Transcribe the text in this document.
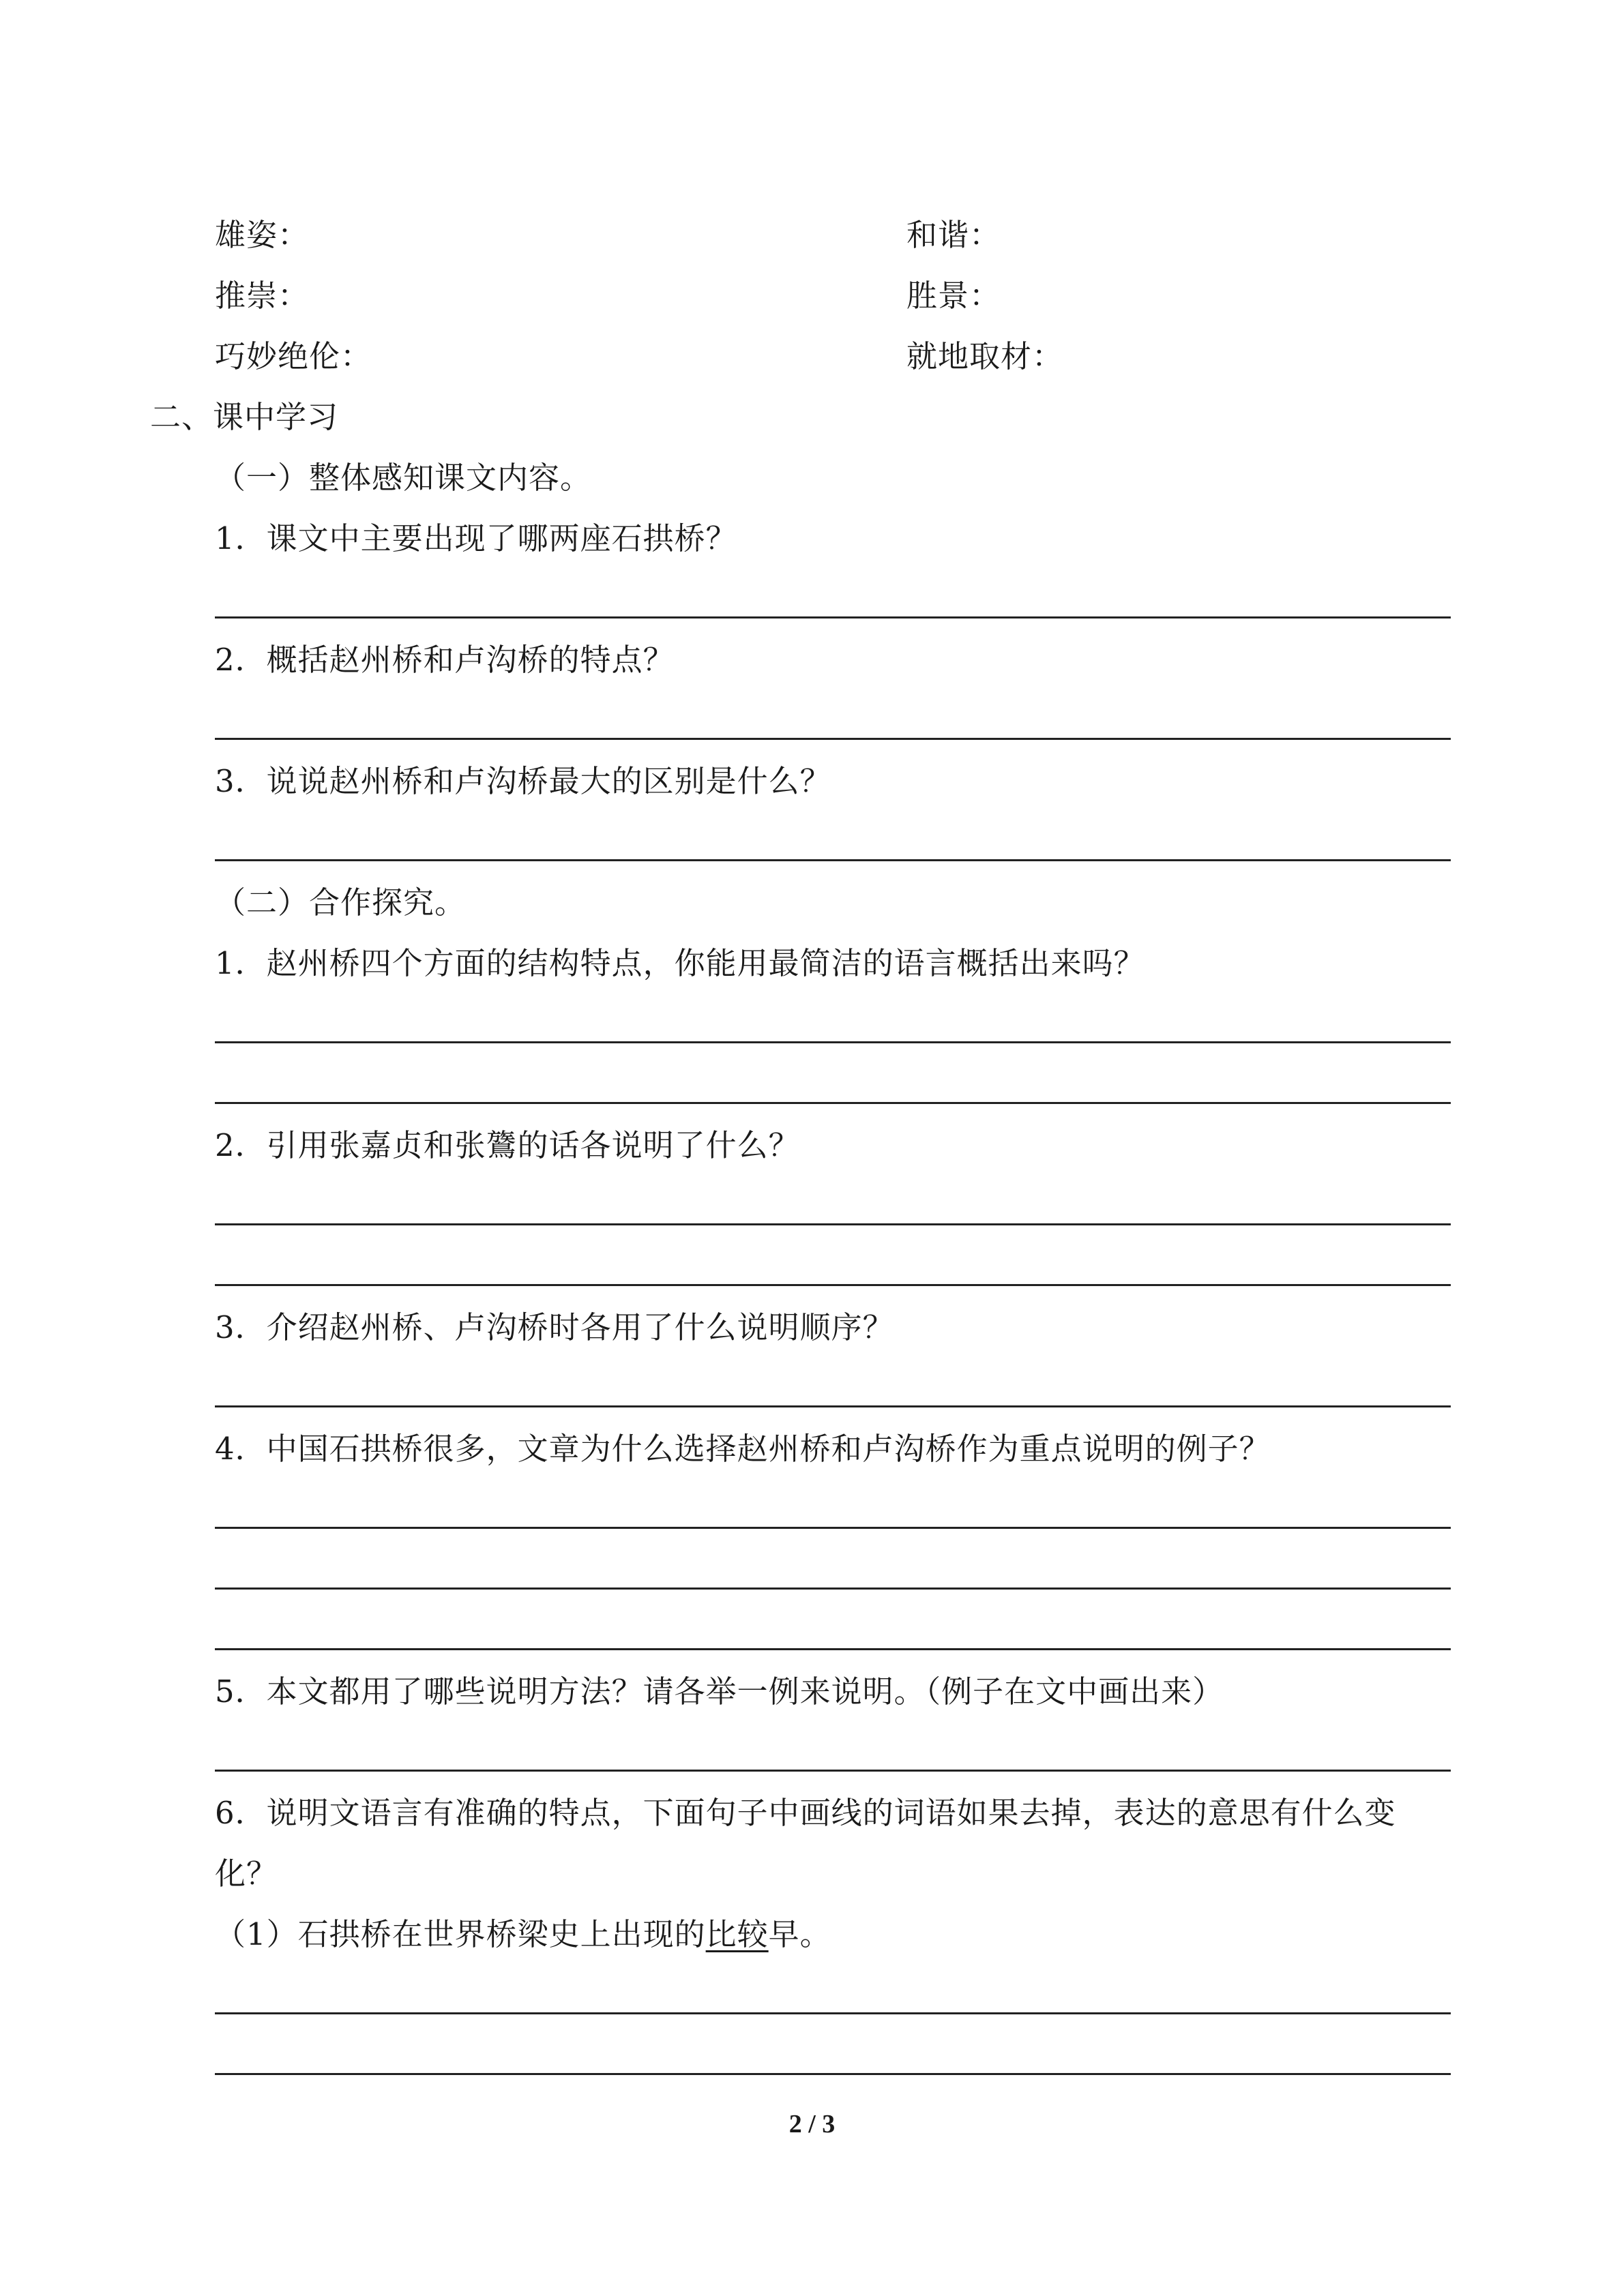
雄姿：	和谐：
推崇：	胜景：
巧妙绝伦：	就地取材：
二、课中学习
（一）整体感知课文内容。
1．课文中主要出现了哪两座石拱桥？
2．概括赵州桥和卢沟桥的特点？
3．说说赵州桥和卢沟桥最大的区别是什么？
（二）合作探究。
1．赵州桥四个方面的结构特点，你能用最简洁的语言概括出来吗？
2．引用张嘉贞和张鷟的话各说明了什么？
3．介绍赵州桥、卢沟桥时各用了什么说明顺序？
4．中国石拱桥很多，文章为什么选择赵州桥和卢沟桥作为重点说明的例子？
5．本文都用了哪些说明方法？请各举一例来说明。（例子在文中画出来）
6．说明文语言有准确的特点，下面句子中画线的词语如果去掉，表达的意思有什么变
化？
（1）石拱桥在世界桥梁史上出现的比较早。
2 / 3
